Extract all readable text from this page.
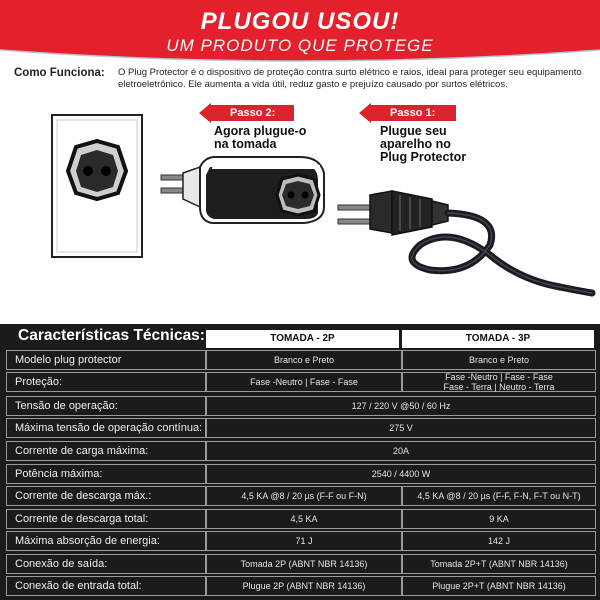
PLUGOU USOU!
UM PRODUTO QUE PROTEGE
Como Funciona:	O Plug Protector é o dispositivo de proteção contra surto elétrico e raios, ideal para proteger seu equipamento eletroeletrônico. Ele aumenta a vida útil, reduz gasto e prejuízo causado por surtos elétricos.
Passo 2:
Agora plugue-o
na tomada
Passo 1:
Plugue seu
aparelho no
Plug Protector
Características Técnicas:	TOMADA - 2P	TOMADA - 3P
Modelo plug protector	Branco e Preto	Branco e Preto
Proteção:	Fase -Neutro | Fase - Fase	Fase -Neutro | Fase - Fase
Fase - Terra | Neutro - Terra
Tensão de operação:	127 / 220 V @50 / 60 Hz
Máxima tensão de operação contínua:	275 V
Corrente de carga máxima:	20A
Potência máxima:	2540 / 4400 W
Corrente de descarga máx.:	4,5 KA @8 / 20 µs (F-F ou F-N)	4,5 KA @8 / 20 µs (F-F, F-N, F-T ou N-T)
Corrente de descarga total:	4,5 KA	9 KA
Máxima absorção de energia:	71 J	142 J
Conexão de saída:	Tomada 2P (ABNT NBR 14136)	Tomada 2P+T (ABNT NBR 14136)
Conexão de entrada total:	Plugue 2P (ABNT NBR 14136)	Plugue 2P+T (ABNT NBR 14136)
